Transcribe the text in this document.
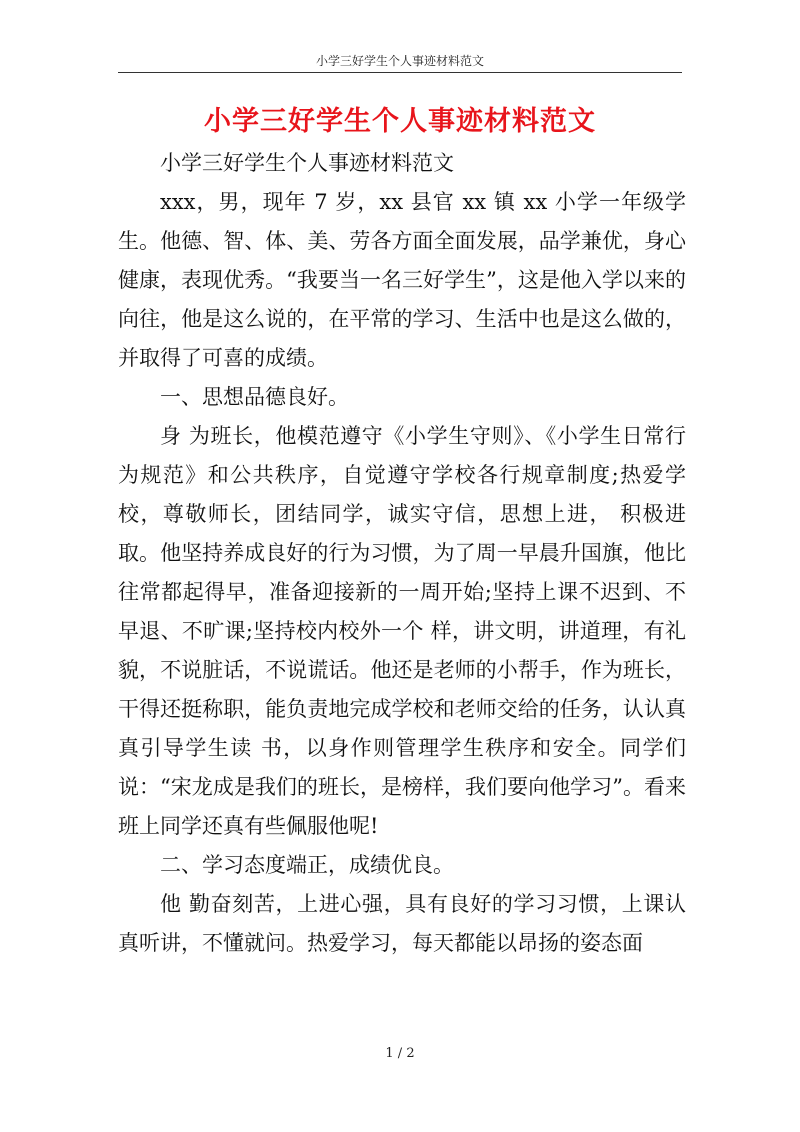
小学三好学生个人事迹材料范文
小学三好学生个人事迹材料范文

小学三好学生个人事迹材料范文

xxx，男，现年 7 岁，xx 县官 xx 镇 xx 小学一年级学生。他德、智、体、美、劳各方面全面发展，品学兼优，身心健康，表现优秀。“我要当一名三好学生”，这是他入学以来的向往，他是这么说的，在平常的学习、生活中也是这么做的，并取得了可喜的成绩。

一、思想品德良好。

身 为班长，他模范遵守《小学生守则》、《小学生日常行为规范》和公共秩序，自觉遵守学校各行规章制度;热爱学校，尊敬师长，团结同学，诚实守信，思想上进， 积极进取。他坚持养成良好的行为习惯，为了周一早晨升国旗，他比往常都起得早，准备迎接新的一周开始;坚持上课不迟到、不早退、不旷课;坚持校内校外一个 样，讲文明，讲道理，有礼貌，不说脏话，不说谎话。他还是老师的小帮手，作为班长，干得还挺称职，能负责地完成学校和老师交给的任务，认认真真引导学生读 书，以身作则管理学生秩序和安全。同学们说：“宋龙成是我们的班长，是榜样，我们要向他学习”。看来班上同学还真有些佩服他呢!

二、学习态度端正，成绩优良。

他 勤奋刻苦，上进心强，具有良好的学习习惯，上课认真听讲，不懂就问。热爱学习，每天都能以昂扬的姿态面

1 / 2
